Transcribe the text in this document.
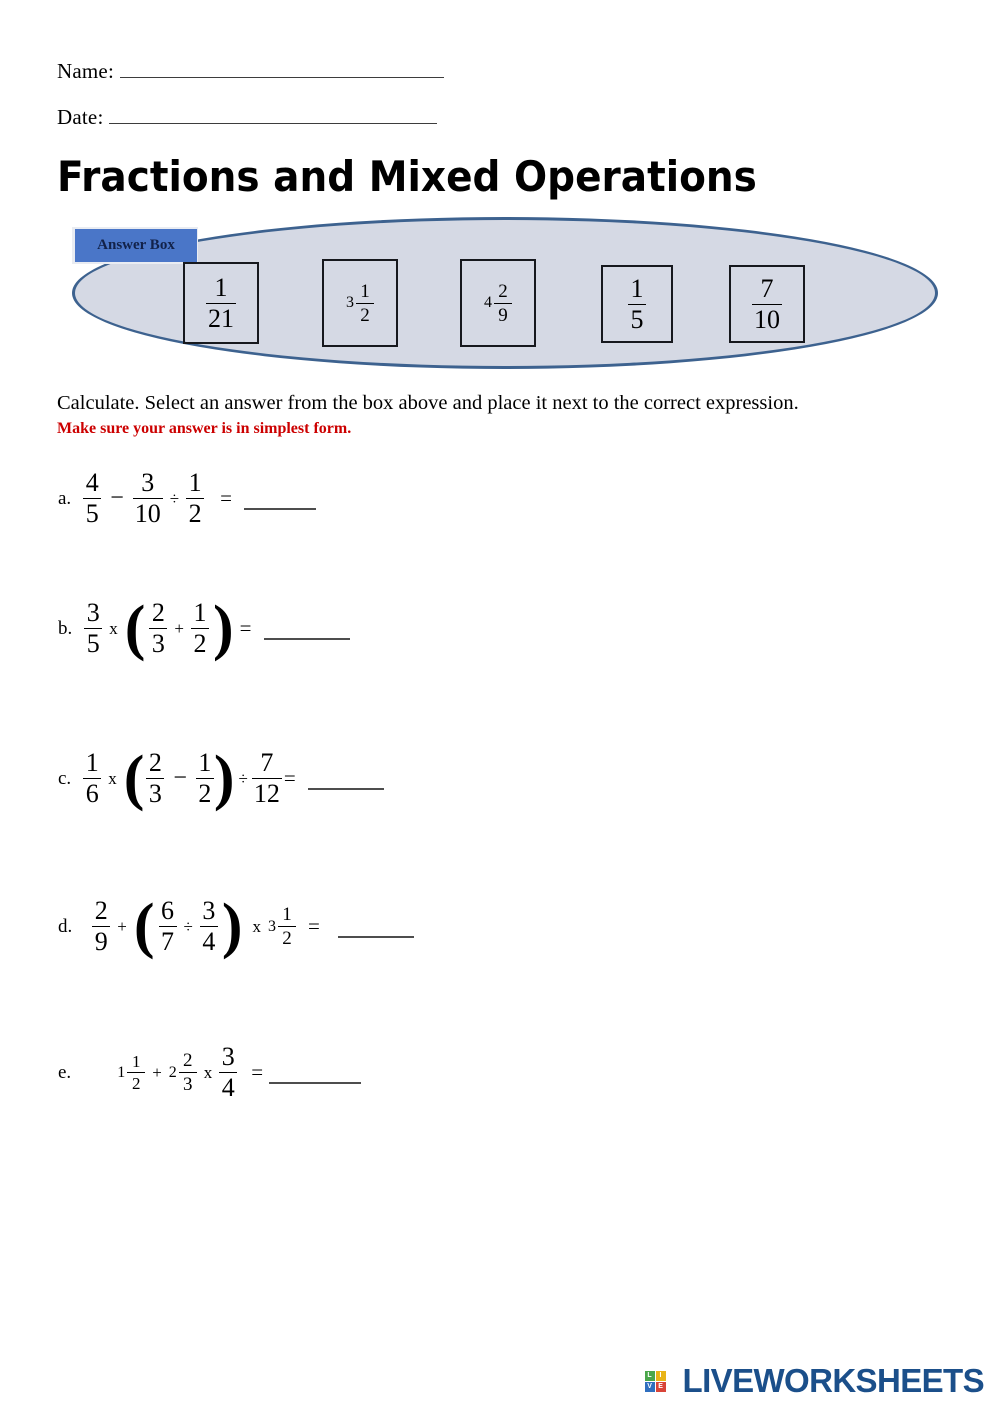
Name:
Date:
Fractions and Mixed Operations
Answer Box
$\frac{1}{21}$	$3 \frac{1}{2}$	$4 \frac{2}{9}$	$\frac{1}{5}$	$\frac{7}{10}$
Calculate. Select an answer from the box above and place it next to the correct expression.
Make sure your answer is in simplest form.
a. $\frac{4}{5} - \frac{3}{10} \div \frac{1}{2}$ =
b. $\frac{3}{5}$ x ( $\frac{2}{3} + \frac{1}{2}$ ) =
c. $\frac{1}{6}$ x ( $\frac{2}{3} - \frac{1}{2}$ ) ÷ $\frac{7}{12}$ =
d. $\frac{2}{9}$ + ( $\frac{6}{7} \div \frac{3}{4}$ ) x $3 \frac{1}{2}$ =
e.	$1 \frac{1}{2} + 2 \frac{2}{3}$ x $\frac{3}{4}$ =
L	I
V E LIVEWORKSHEETS
